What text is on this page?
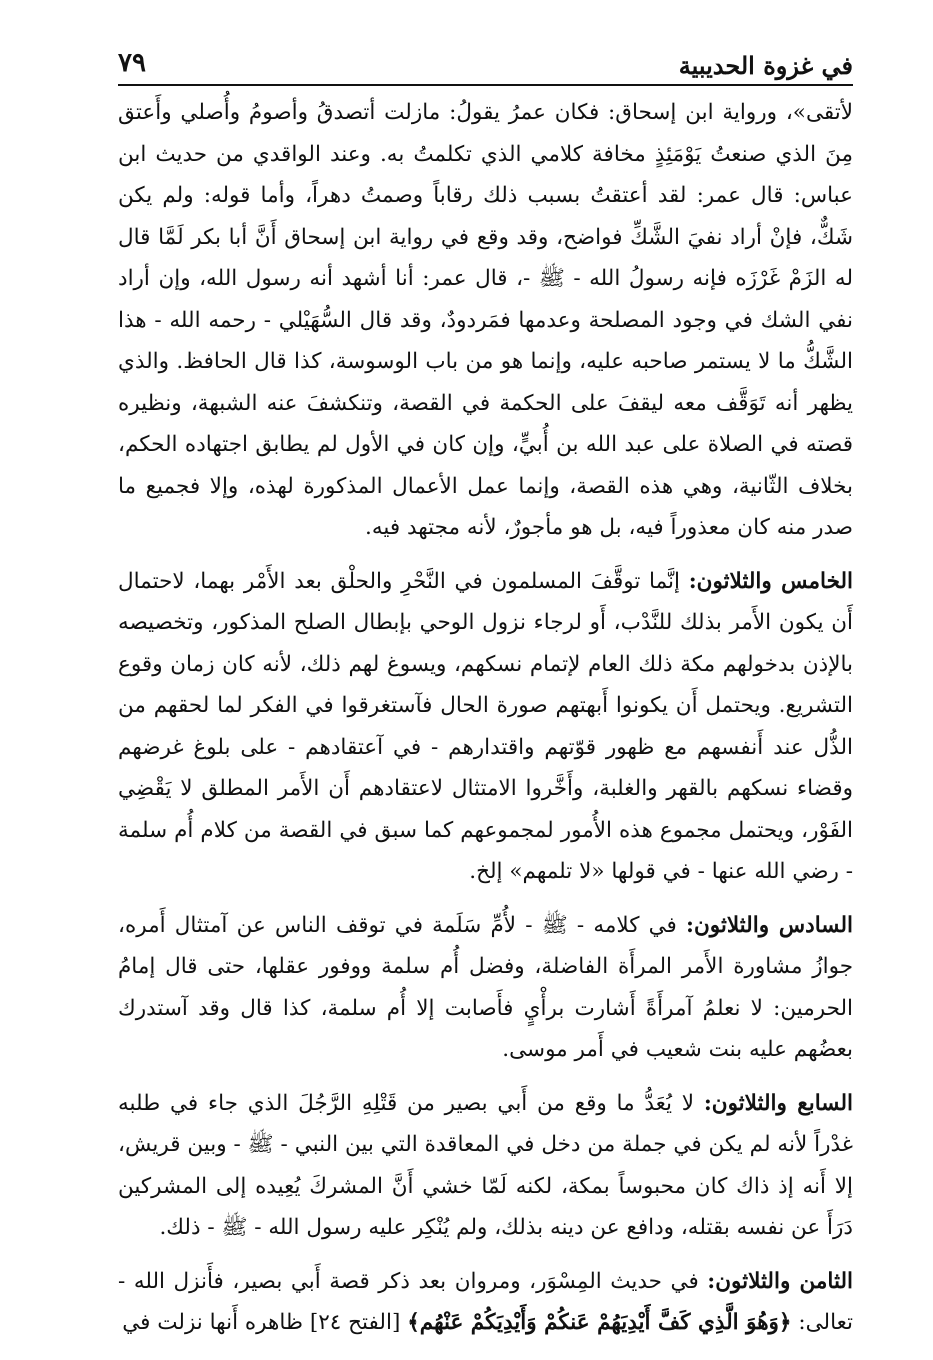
في غزوة الحديبية
٧٩

لأتقى»، ورواية ابن إسحاق: فكان عمرُ يقولُ: مازلت أتصدقُ وأصومُ وأُصلي وأَعتق مِنَ الذي صنعتُ يَوْمَئِذٍ مخافة كلامي الذي تكلمتُ به. وعند الواقدي من حديث ابن عباس: قال عمر: لقد أعتقتُ بسبب ذلك رقاباً وصمتُ دهراً، وأما قوله: ولم يكن شَكٌّ، فإنْ أراد نفيَ الشَّكِّ فواضح، وقد وقع في رواية ابن إسحاق أَنَّ أبا بكر لَمَّا قال له الزَمْ غَرْزَه فإنه رسولُ الله - ﷺ -، قال عمر: أنا أشهد أنه رسول الله، وإن أراد نفي الشك في وجود المصلحة وعدمها فمَردودٌ، وقد قال السُّهَيْلي - رحمه الله - هذا الشَّكُّ ما لا يستمر صاحبه عليه، وإنما هو من باب الوسوسة، كذا قال الحافظ. والذي يظهر أنه تَوَقَّف معه ليقفَ على الحكمة في القصة، وتنكشفَ عنه الشبهة، ونظيره قصته في الصلاة على عبد الله بن أُبيٍّ، وإن كان في الأول لم يطابق اجتهاده الحكم، بخلاف الثّانية، وهي هذه القصة، وإنما عمل الأعمال المذكورة لهذه، وإلا فجميع ما صدر منه كان معذوراً فيه، بل هو مأجورٌ، لأنه مجتهد فيه.

الخامس والثلاثون: إنَّما توقَّفَ المسلمون في النَّحْرِ والحلْق بعد الأَمْر بهما، لاحتمال أَن يكون الأَمر بذلك للنَّدْب، أَو لرجاء نزول الوحي بإبطال الصلح المذكور، وتخصيصه بالإذن بدخولهم مكة ذلك العام لإتمام نسكهم، ويسوغ لهم ذلك، لأنه كان زمان وقوع التشريع. ويحتمل أَن يكونوا أَبهتهم صورة الحال فآستغرقوا في الفكر لما لحقهم من الذُّل عند أَنفسهم مع ظهور قوّتهم واقتدارهم - في آعتقادهم - على بلوغ غرضهم وقضاء نسكهم بالقهر والغلبة، وأَخَّروا الامتثال لاعتقادهم أَن الأَمر المطلق لا يَقْضِي الفَوْر، ويحتمل مجموع هذه الأُمور لمجموعهم كما سبق في القصة من كلام أُم سلمة - رضي الله عنها - في قولها «لا تلمهم» إلخ.

السادس والثلاثون: في كلامه - ﷺ - لأُمِّ سَلَمة في توقف الناس عن آمتثال أَمره، جوازُ مشاورة الأَمر المرأَة الفاضلة، وفضل أُم سلمة ووفور عقلها، حتى قال إمامُ الحرمين: لا نعلمُ آمرأَةً أَشارت برأْيٍ فأَصابت إلا أُم سلمة، كذا قال وقد آستدرك بعضُهم عليه بنت شعيب في أَمر موسى.

السابع والثلاثون: لا يُعَدُّ ما وقع من أَبي بصير من قَتْلِهِ الرَّجُلَ الذي جاء في طلبه غدْراً لأنه لم يكن في جملة من دخل في المعاقدة التي بين النبي - ﷺ - وبين قريش، إلا أَنه إذ ذاك كان محبوساً بمكة، لكنه لَمّا خشي أَنَّ المشركَ يُعِيده إلى المشركين دَرَأَ عن نفسه بقتله، ودافع عن دينه بذلك، ولم يُنْكِر عليه رسول الله - ﷺ - ذلك.

الثامن والثلاثون: في حديث المِسْوَر، ومروان بعد ذكر قصة أَبي بصير، فأَنزل الله - تعالى: ﴿وَهُوَ الَّذِي كَفَّ أَيْدِيَهُمْ عَنكُمْ وَأَيْدِيَكُمْ عَنْهُم﴾ [الفتح ٢٤] ظاهره أَنها نزلت في
